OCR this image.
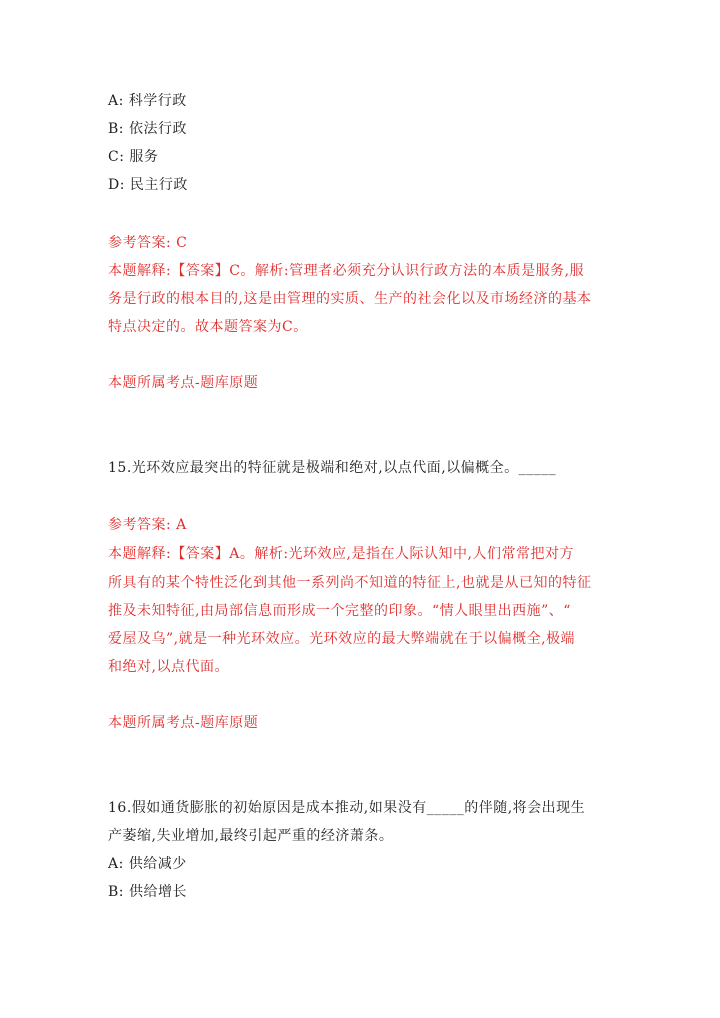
A: 科学行政
B: 依法行政
C: 服务
D: 民主行政
参考答案: C
本题解释:【答案】C。解析:管理者必须充分认识行政方法的本质是服务,服
务是行政的根本目的,这是由管理的实质、生产的社会化以及市场经济的基本
特点决定的。故本题答案为C。
本题所属考点-题库原题
15.光环效应最突出的特征就是极端和绝对,以点代面,以偏概全。_____
参考答案: A
本题解释:【答案】A。解析:光环效应,是指在人际认知中,人们常常把对方
所具有的某个特性泛化到其他一系列尚不知道的特征上,也就是从已知的特征
推及未知特征,由局部信息而形成一个完整的印象。“情人眼里出西施”、“
爱屋及乌”,就是一种光环效应。光环效应的最大弊端就在于以偏概全,极端
和绝对,以点代面。
本题所属考点-题库原题
16.假如通货膨胀的初始原因是成本推动,如果没有_____的伴随,将会出现生
产萎缩,失业增加,最终引起严重的经济萧条。
A: 供给减少
B: 供给增长
